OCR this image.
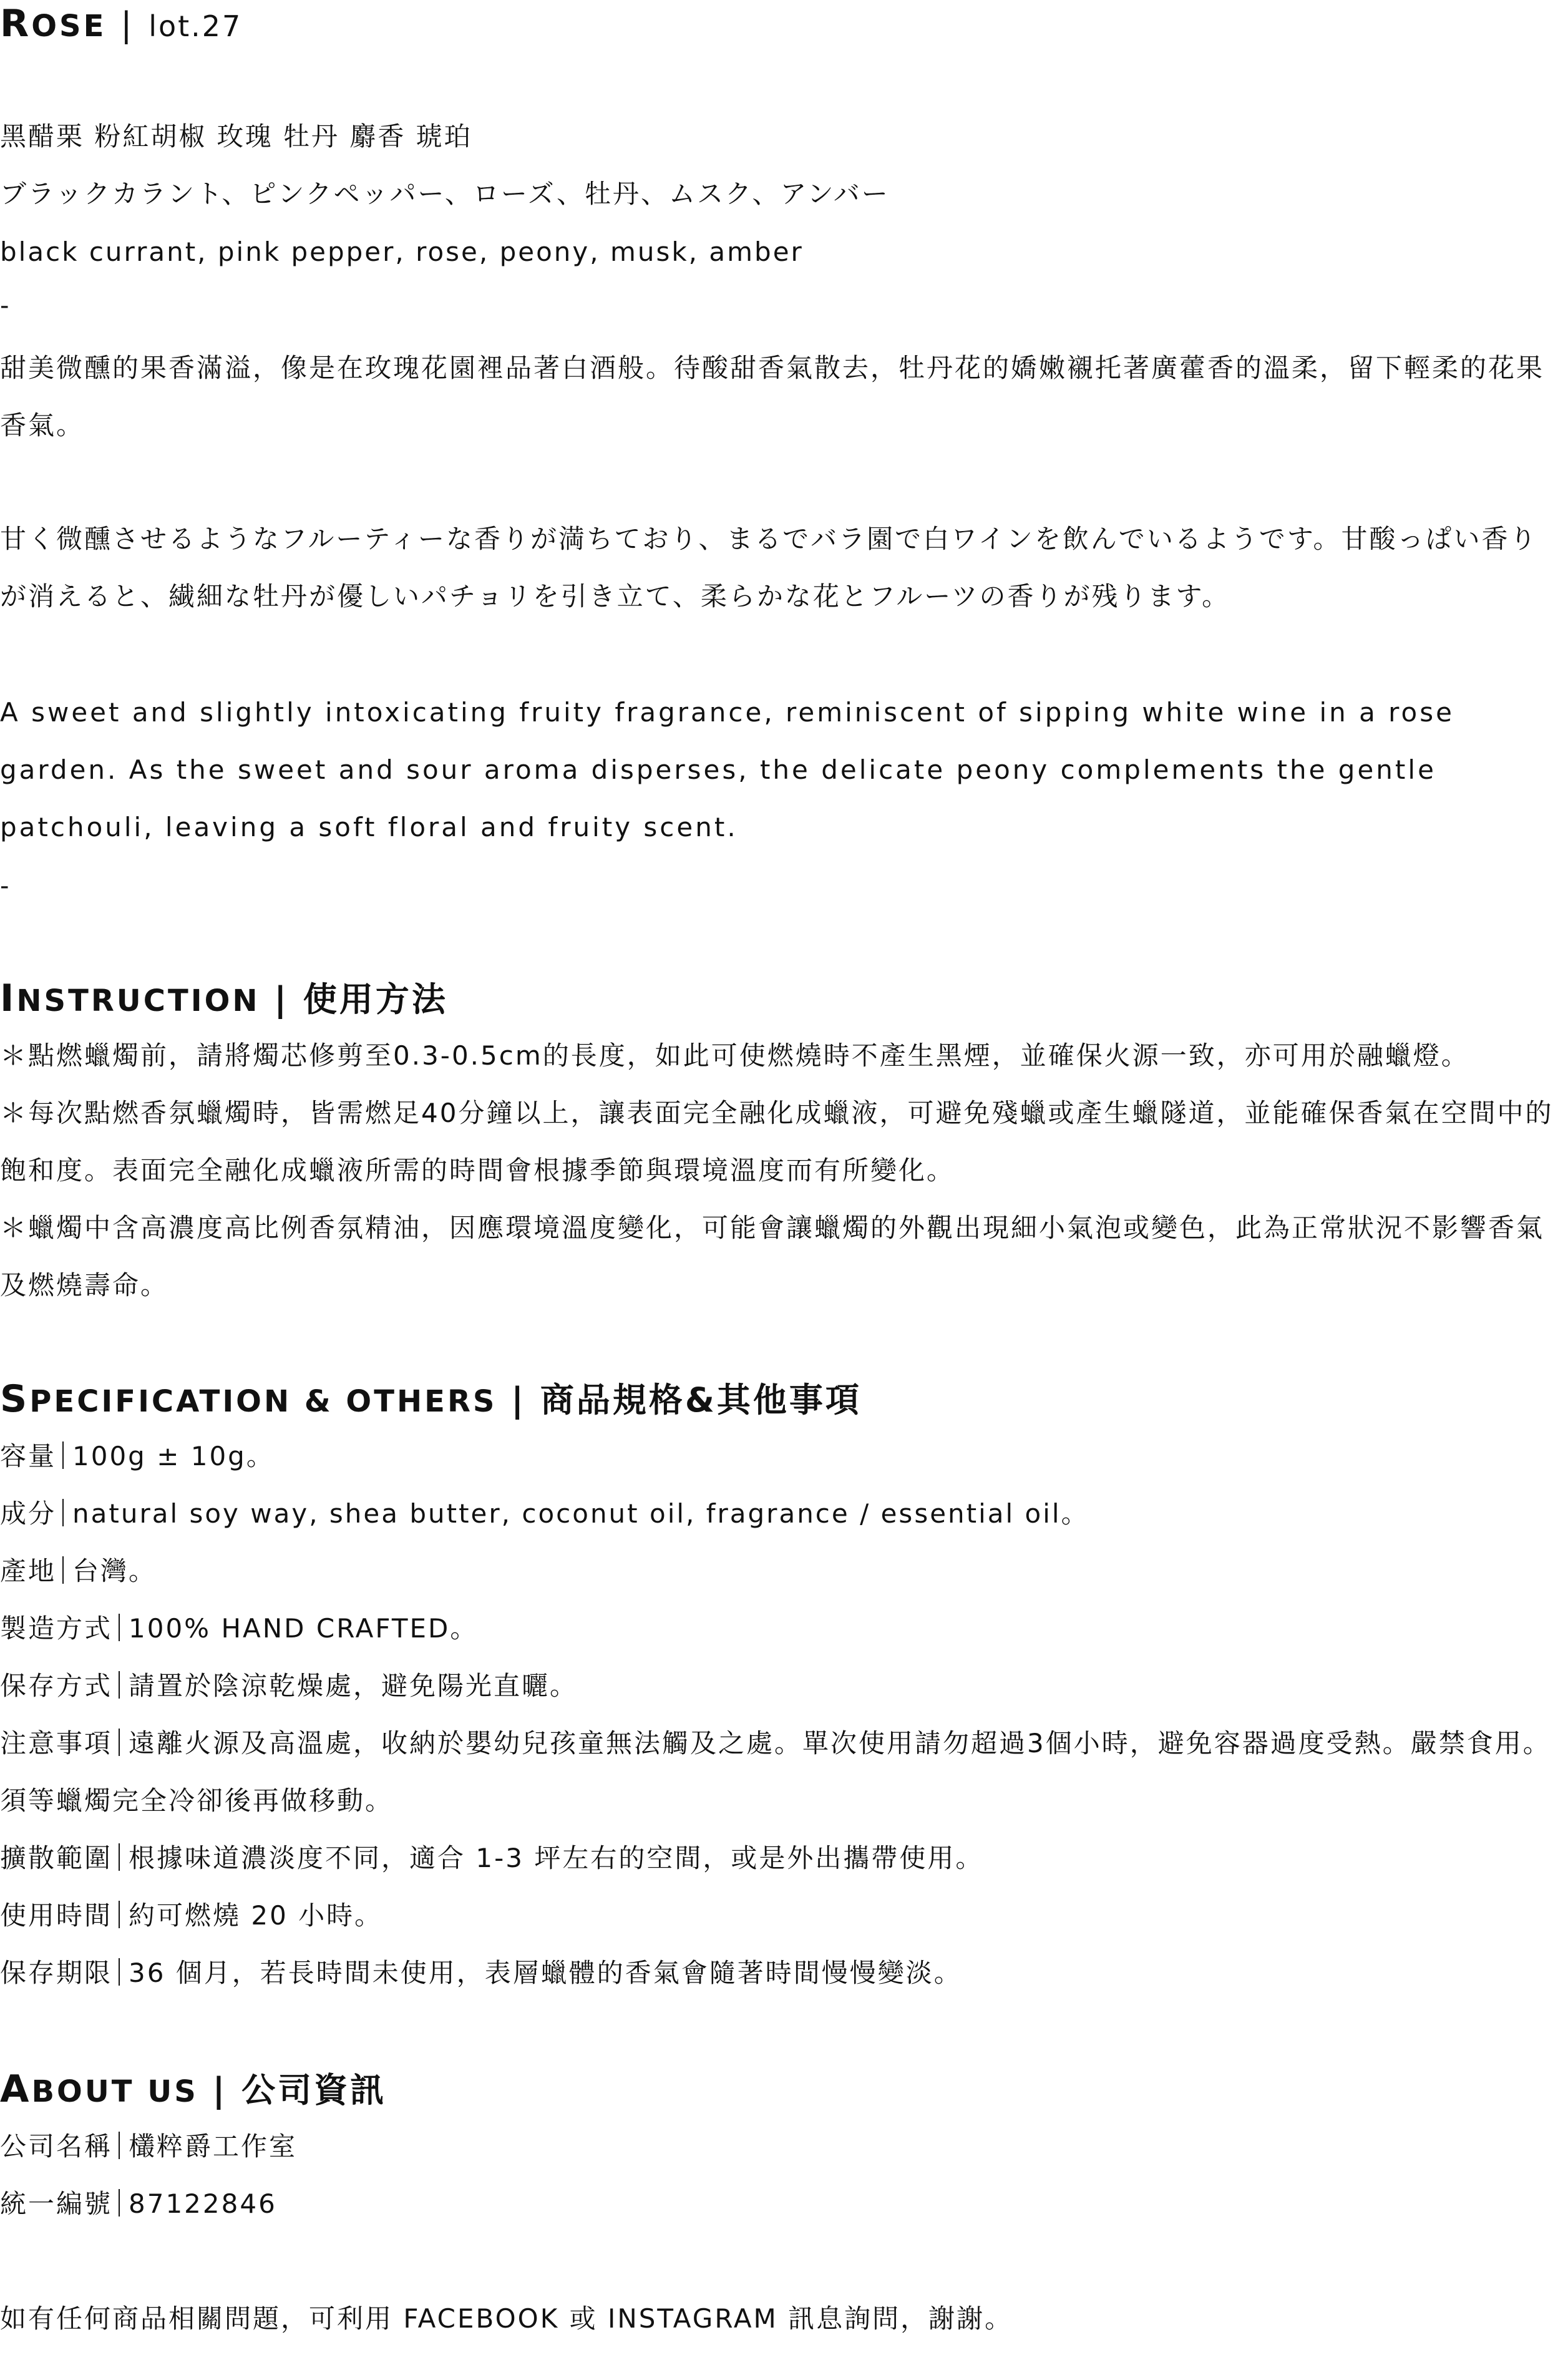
ROSE | lot.27

黑醋栗 粉紅胡椒 玫瑰 牡丹 麝香 琥珀

ブラックカラント、ピンクペッパー、ローズ、牡丹、ムスク、アンバー

black currant, pink pepper, rose, peony, musk, amber

-

甜美微醺的果香滿溢，像是在玫瑰花園裡品著白酒般。待酸甜香氣散去，牡丹花的嬌嫩襯托著廣藿香的溫柔，留下輕柔的花果香氣。

甘く微醺させるようなフルーティーな香りが満ちており、まるでバラ園で白ワインを飲んでいるようです。甘酸っぱい香りが消えると、繊細な牡丹が優しいパチョリを引き立て、柔らかな花とフルーツの香りが残ります。

A sweet and slightly intoxicating fruity fragrance, reminiscent of sipping white wine in a rose garden. As the sweet and sour aroma disperses, the delicate peony complements the gentle patchouli, leaving a soft floral and fruity scent.

-

INSTRUCTION | 使用方法

＊點燃蠟燭前，請將燭芯修剪至0.3-0.5cm的長度，如此可使燃燒時不產生黑煙，並確保火源一致，亦可用於融蠟燈。

＊每次點燃香氛蠟燭時，皆需燃足40分鐘以上，讓表面完全融化成蠟液，可避免殘蠟或產生蠟隧道，並能確保香氣在空間中的飽和度。表面完全融化成蠟液所需的時間會根據季節與環境溫度而有所變化。

＊蠟燭中含高濃度高比例香氛精油，因應環境溫度變化，可能會讓蠟燭的外觀出現細小氣泡或變色，此為正常狀況不影響香氣及燃燒壽命。

SPECIFICATION & OTHERS | 商品規格&其他事項

容量 100g ± 10g。

成分 natural soy way, shea butter, coconut oil, fragrance / essential oil。

產地 台灣。

製造方式 100% HAND CRAFTED。

保存方式 請置於陰涼乾燥處，避免陽光直曬。

注意事項 遠離火源及高溫處，收納於嬰幼兒孩童無法觸及之處。單次使用請勿超過3個小時，避免容器過度受熱。嚴禁食用。須等蠟燭完全冷卻後再做移動。

擴散範圍 根據味道濃淡度不同，適合 1-3 坪左右的空間，或是外出攜帶使用。

使用時間 約可燃燒 20 小時。

保存期限 36 個月，若長時間未使用，表層蠟體的香氣會隨著時間慢慢變淡。

ABOUT US | 公司資訊

公司名稱 欉粹爵工作室

統一編號 87122846

如有任何商品相關問題，可利用 FACEBOOK 或 INSTAGRAM 訊息詢問，謝謝。
